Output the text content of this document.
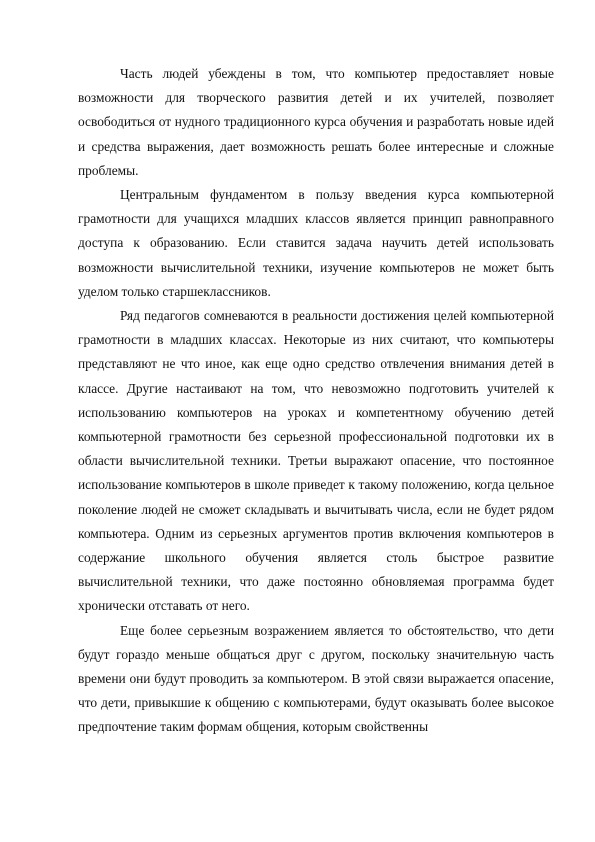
Часть людей убеждены в том, что компьютер предоставляет новые возможности для творческого развития детей и их учителей, позволяет освободиться от нудного традиционного курса обучения и разработать новые идей и средства выражения, дает возможность решать более интересные и сложные проблемы.

Центральным фундаментом в пользу введения курса компьютерной грамотности для учащихся младших классов является принцип равноправного доступа к образованию. Если ставится задача научить детей использовать возможности вычислительной техники, изучение компьютеров не может быть уделом только старшеклассников.

Ряд педагогов сомневаются в реальности достижения целей компьютерной грамотности в младших классах. Некоторые из них считают, что компьютеры представляют не что иное, как еще одно средство отвлечения внимания детей в классе. Другие настаивают на том, что невозможно подготовить учителей к использованию компьютеров на уроках и компетентному обучению детей компьютерной грамотности без серьезной профессиональной подготовки их в области вычислительной техники. Третьи выражают опасение, что постоянное использование компьютеров в школе приведет к такому положению, когда цельное поколение людей не сможет складывать и вычитывать числа, если не будет рядом компьютера. Одним из серьезных аргументов против включения компьютеров в содержание школьного обучения является столь быстрое развитие вычислительной техники, что даже постоянно обновляемая программа будет хронически отставать от него.

Еще более серьезным возражением является то обстоятельство, что дети будут гораздо меньше общаться друг с другом, поскольку значительную часть времени они будут проводить за компьютером. В этой связи выражается опасение, что дети, привыкшие к общению с компьютерами, будут оказывать более высокое предпочтение таким формам общения, которым свойственны
